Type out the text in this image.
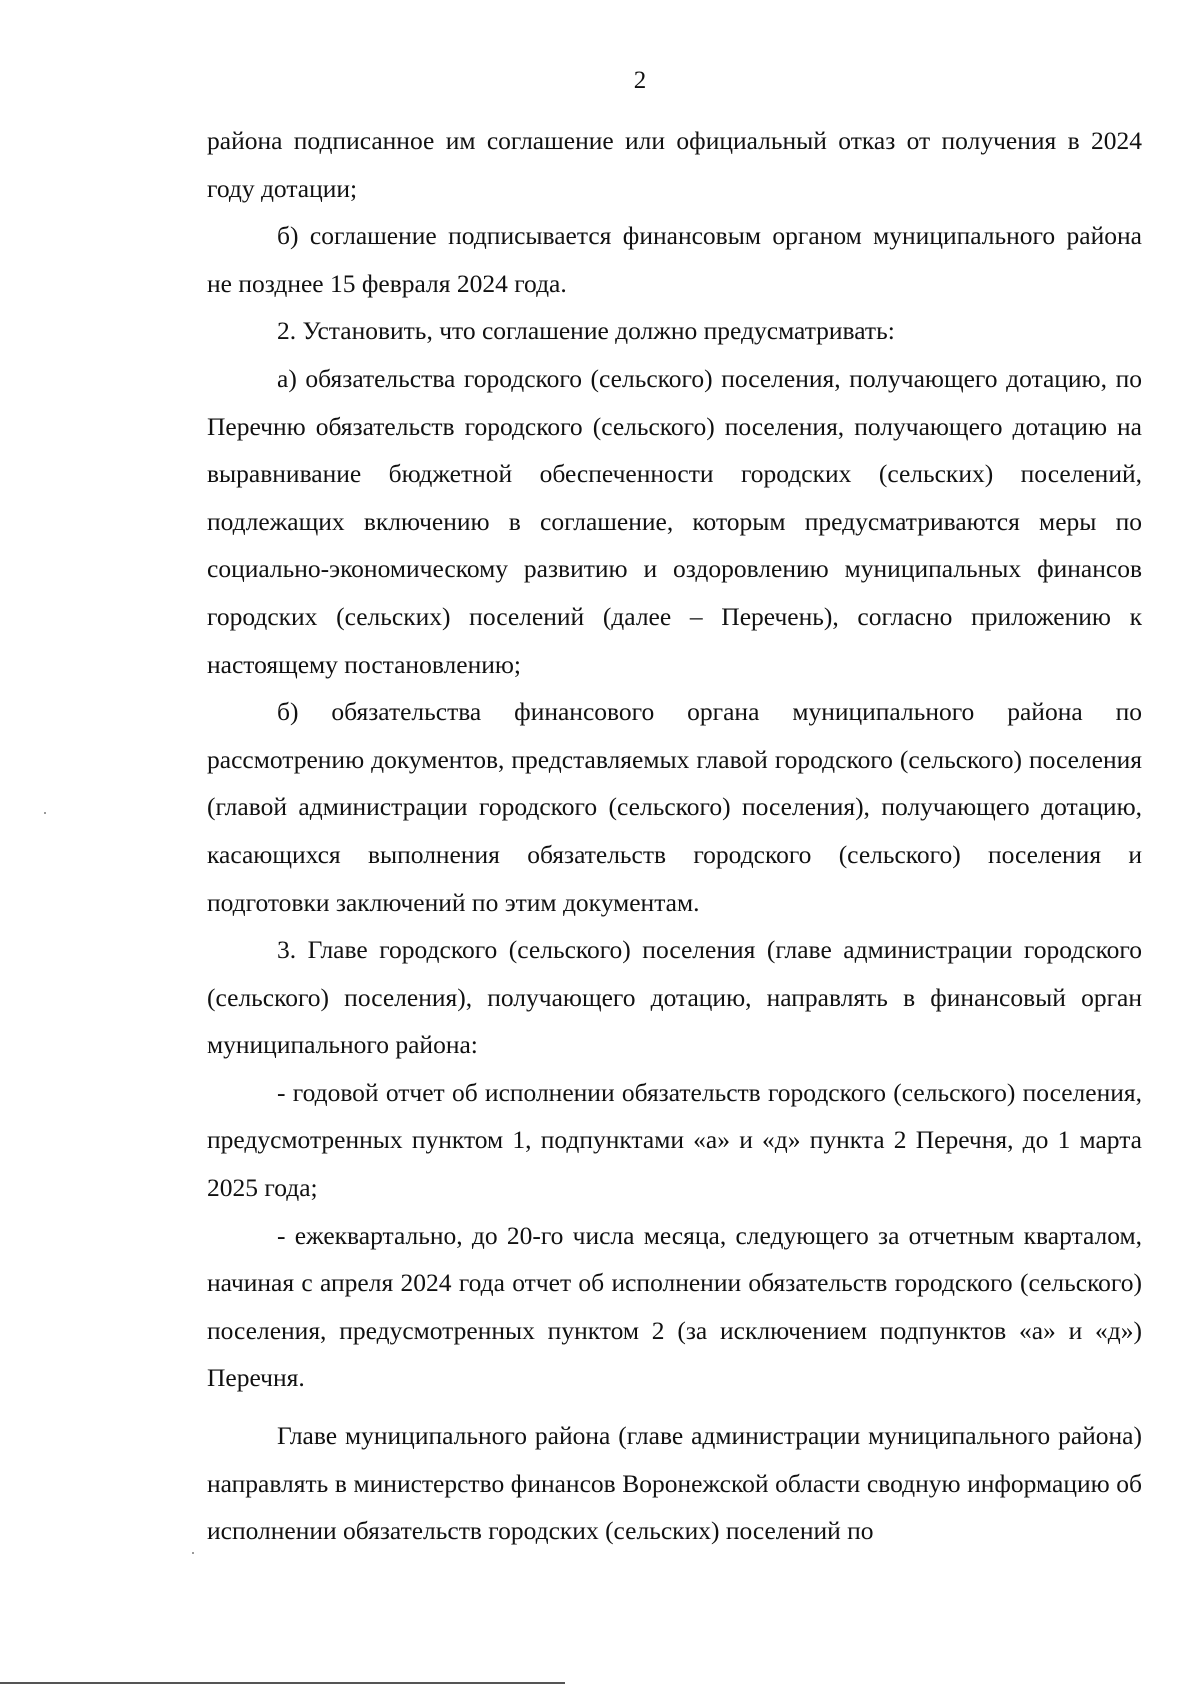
2

района подписанное им соглашение или официальный отказ от получения в 2024 году дотации;

б) соглашение подписывается финансовым органом муниципального района не позднее 15 февраля 2024 года.

2. Установить, что соглашение должно предусматривать:

а) обязательства городского (сельского) поселения, получающего дотацию, по Перечню обязательств городского (сельского) поселения, получающего дотацию на выравнивание бюджетной обеспеченности городских (сельских) поселений, подлежащих включению в соглашение, которым предусматриваются меры по социально-экономическому развитию и оздоровлению муниципальных финансов городских (сельских) поселений (далее – Перечень), согласно приложению к настоящему постановлению;

б) обязательства финансового органа муниципального района по рассмотрению документов, представляемых главой городского (сельского) поселения (главой администрации городского (сельского) поселения), получающего дотацию, касающихся выполнения обязательств городского (сельского) поселения и подготовки заключений по этим документам.

3. Главе городского (сельского) поселения (главе администрации городского (сельского) поселения), получающего дотацию, направлять в финансовый орган муниципального района:

- годовой отчет об исполнении обязательств городского (сельского) поселения, предусмотренных пунктом 1, подпунктами «а» и «д» пункта 2 Перечня, до 1 марта 2025 года;

- ежеквартально, до 20-го числа месяца, следующего за отчетным кварталом, начиная с апреля 2024 года отчет об исполнении обязательств городского (сельского) поселения, предусмотренных пунктом 2 (за исключением подпунктов «а» и «д») Перечня.

Главе муниципального района (главе администрации муниципального района) направлять в министерство финансов Воронежской области сводную информацию об исполнении обязательств городских (сельских) поселений по
